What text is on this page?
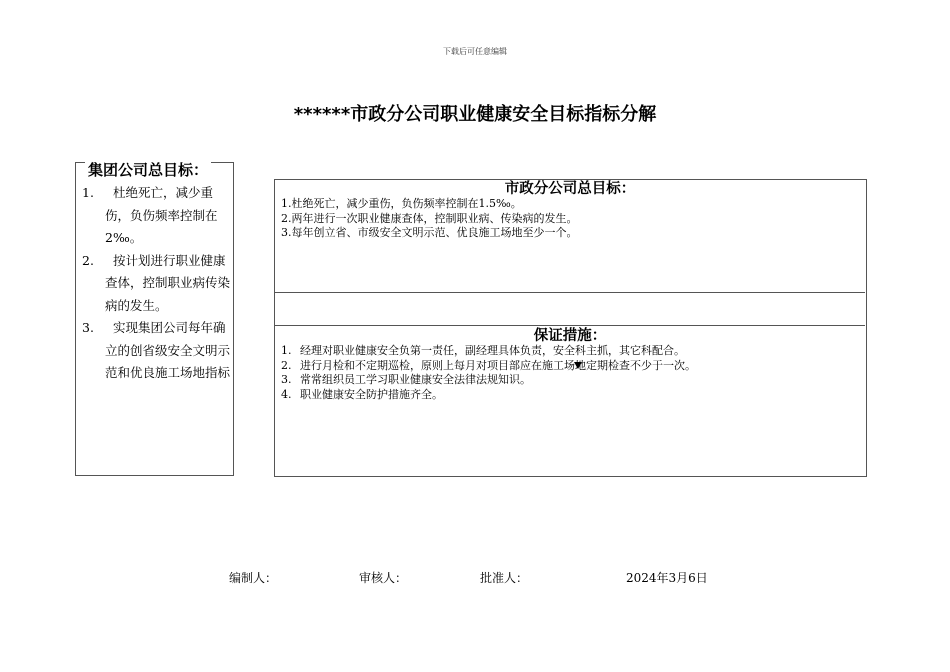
下载后可任意编辑
******市政分公司职业健康安全目标指标分解
集团公司总目标：
1.	杜绝死亡，减少重伤，负伤频率控制在2‰。
2.	按计划进行职业健康查体，控制职业病传染病的发生。
3.	实现集团公司每年确立的创省级安全文明示范和优良施工场地指标
市政分公司总目标：
1.杜绝死亡，减少重伤，负伤频率控制在1.5‰。
2.两年进行一次职业健康查体，控制职业病、传染病的发生。
3.每年创立省、市级安全文明示范、优良施工场地至少一个。
保证措施：
1. 经理对职业健康安全负第一责任，副经理具体负责，安全科主抓，其它科配合。
2. 进行月检和不定期巡检，原则上每月对项目部应在施工场地定期检查不少于一次。
3. 常常组织员工学习职业健康安全法律法规知识。
4. 职业健康安全防护措施齐全。
编制人：	审核人：	批准人：	2024年3月6日
